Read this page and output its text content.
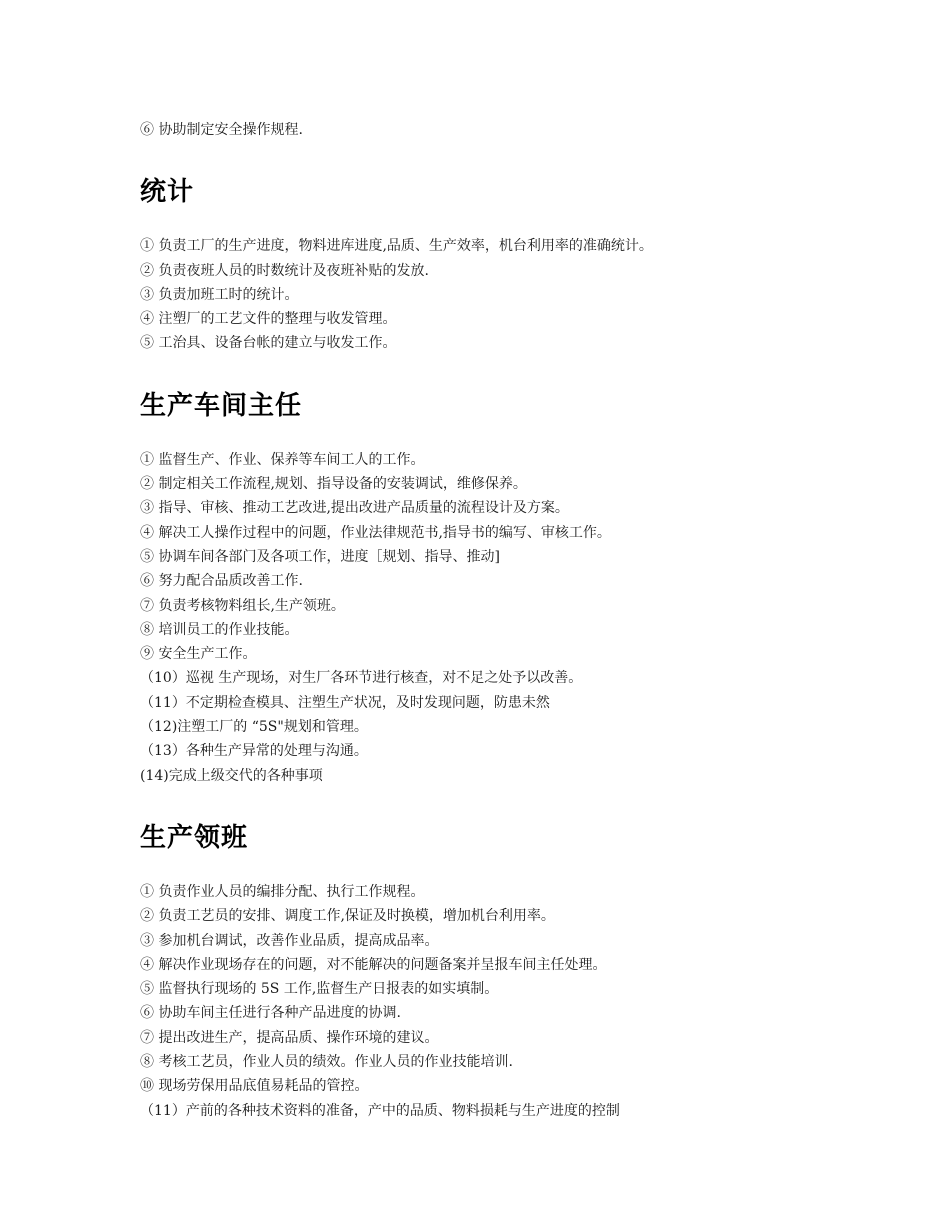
⑥ 协助制定安全操作规程.
统计
① 负责工厂的生产进度，物料进库进度,品质、生产效率，机台利用率的准确统计。
② 负责夜班人员的时数统计及夜班补贴的发放.
③ 负责加班工时的统计。
④ 注塑厂的工艺文件的整理与收发管理。
⑤ 工治具、设备台帐的建立与收发工作。
生产车间主任
① 监督生产、作业、保养等车间工人的工作。
② 制定相关工作流程,规划、指导设备的安装调试，维修保养。
③ 指导、审核、推动工艺改进,提出改进产品质量的流程设计及方案。
④ 解决工人操作过程中的问题，作业法律规范书,指导书的编写、审核工作。
⑤ 协调车间各部门及各项工作，进度［规划、指导、推动]
⑥ 努力配合品质改善工作.
⑦ 负责考核物料组长,生产领班。
⑧ 培训员工的作业技能。
⑨ 安全生产工作。
（10）巡视 生产现场，对生厂各环节进行核查，对不足之处予以改善。
（11）不定期检查模具、注塑生产状况，及时发现问题，防患未然
（12)注塑工厂的 “5S"规划和管理。
（13）各种生产异常的处理与沟通。
(14)完成上级交代的各种事项
生产领班
① 负责作业人员的编排分配、执行工作规程。
② 负责工艺员的安排、调度工作,保证及时换模，增加机台利用率。
③ 参加机台调试，改善作业品质，提高成品率。
④ 解决作业现场存在的问题，对不能解决的问题备案并呈报车间主任处理。
⑤ 监督执行现场的 5S 工作,监督生产日报表的如实填制。
⑥ 协助车间主任进行各种产品进度的协调.
⑦ 提出改进生产，提高品质、操作环境的建议。
⑧ 考核工艺员，作业人员的绩效。作业人员的作业技能培训.
⑩ 现场劳保用品底值易耗品的管控。
（11）产前的各种技术资料的准备，产中的品质、物料损耗与生产进度的控制
